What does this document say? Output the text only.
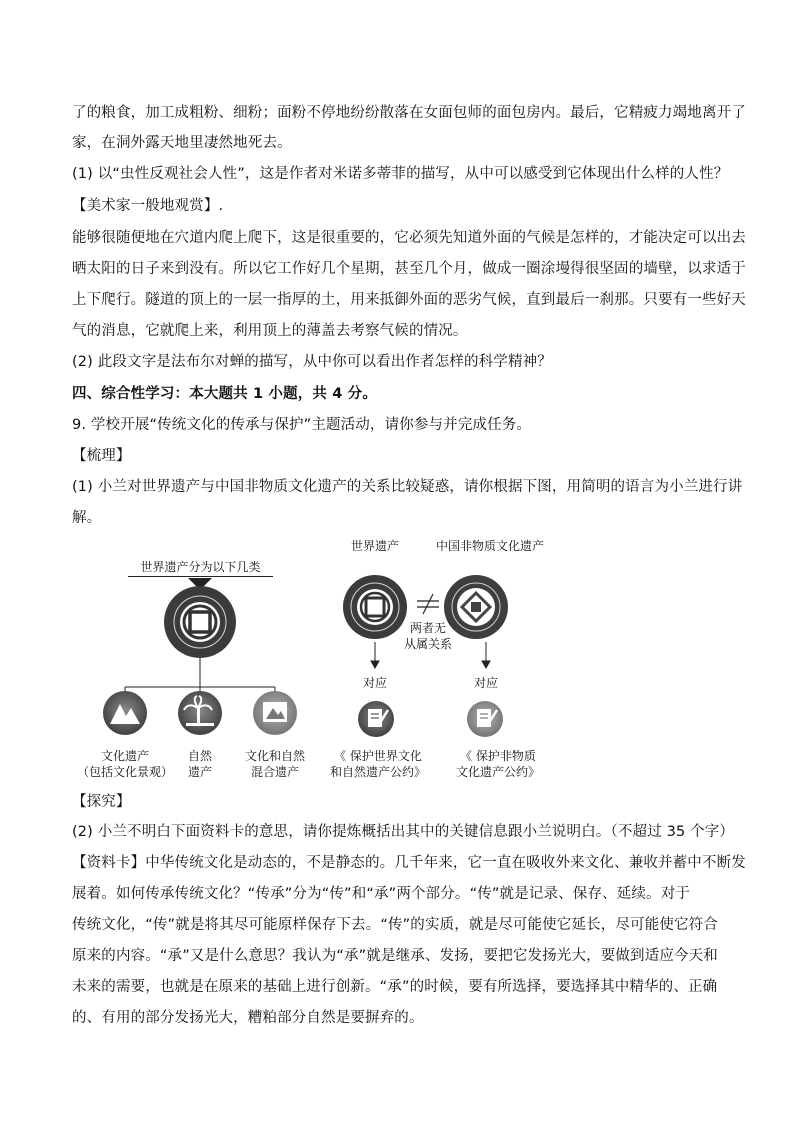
了的粮食，加工成粗粉、细粉；面粉不停地纷纷散落在女面包师的面包房内。最后，它精疲力竭地离开了
家，在洞外露天地里凄然地死去。
(1) 以“虫性反观社会人性”，这是作者对米诺多蒂菲的描写，从中可以感受到它体现出什么样的人性？
【美术家一般地观赏】.
能够很随便地在穴道内爬上爬下，这是很重要的，它必须先知道外面的气候是怎样的，才能决定可以出去
晒太阳的日子来到没有。所以它工作好几个星期，甚至几个月，做成一圈涂墁得很坚固的墙壁，以求适于
上下爬行。隧道的顶上的一层一指厚的土，用来抵御外面的恶劣气候，直到最后一刹那。只要有一些好天
气的消息，它就爬上来，利用顶上的薄盖去考察气候的情况。
(2) 此段文字是法布尔对蝉的描写，从中你可以看出作者怎样的科学精神？
四、综合性学习：本大题共 1 小题，共 4 分。
9. 学校开展“传统文化的传承与保护”主题活动，请你参与并完成任务。
【梳理】
(1) 小兰对世界遗产与中国非物质文化遗产的关系比较疑惑，请你根据下图，用简明的语言为小兰进行讲
解。
世界遗产分为以下几类
世界遗产	中国非物质文化遗产
两者无
从属关系
对应	对应
文化遗产
（包括文化景观）
自然
遗产
文化和自然
混合遗产
《 保护世界文化
和自然遗产公约》
《 保护非物质
文化遗产公约》
【探究】
(2) 小兰不明白下面资料卡的意思，请你提炼概括出其中的关键信息跟小兰说明白。（不超过 35 个字）
【资料卡】中华传统文化是动态的，不是静态的。几千年来，它一直在吸收外来文化、兼收并蓄中不断发
展着。如何传承传统文化？“传承”分为“传”和“承”两个部分。“传”就是记录、保存、延续。对于
传统文化，“传”就是将其尽可能原样保存下去。“传”的实质，就是尽可能使它延长，尽可能使它符合
原来的内容。“承”又是什么意思？我认为“承”就是继承、发扬，要把它发扬光大，要做到适应今天和
未来的需要，也就是在原来的基础上进行创新。“承”的时候，要有所选择，要选择其中精华的、正确
的、有用的部分发扬光大，糟粕部分自然是要摒弃的。
